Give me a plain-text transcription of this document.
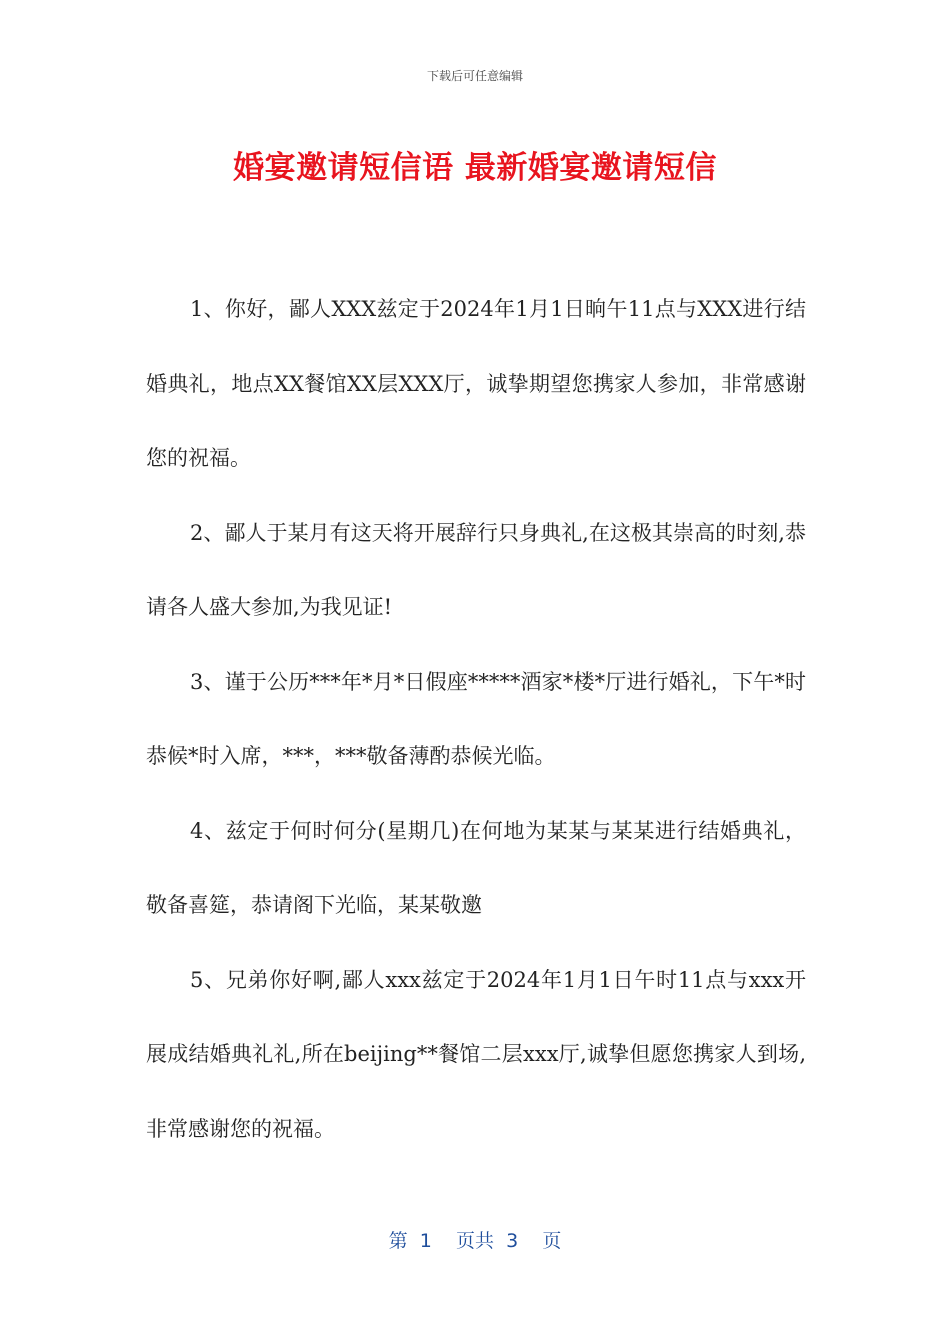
下载后可任意编辑
婚宴邀请短信语 最新婚宴邀请短信

1、你好，鄙人XXX兹定于2024年1月1日晌午11点与XXX进行结婚典礼，地点XX餐馆XX层XXX厅，诚挚期望您携家人参加，非常感谢您的祝福。

2、鄙人于某月有这天将开展辞行只身典礼,在这极其崇高的时刻,恭请各人盛大参加,为我见证!

3、谨于公历***年*月*日假座*****酒家*楼*厅进行婚礼，下午*时恭候*时入席，***，***敬备薄酌恭候光临。

4、兹定于何时何分(星期几)在何地为某某与某某进行结婚典礼，敬备喜筵，恭请阁下光临，某某敬邀

5、兄弟你好啊,鄙人xxx兹定于2024年1月1日午时11点与xxx开展成结婚典礼礼,所在beijing**餐馆二层xxx厅,诚挚但愿您携家人到场,非常感谢您的祝福。

第  1    页共  3    页
